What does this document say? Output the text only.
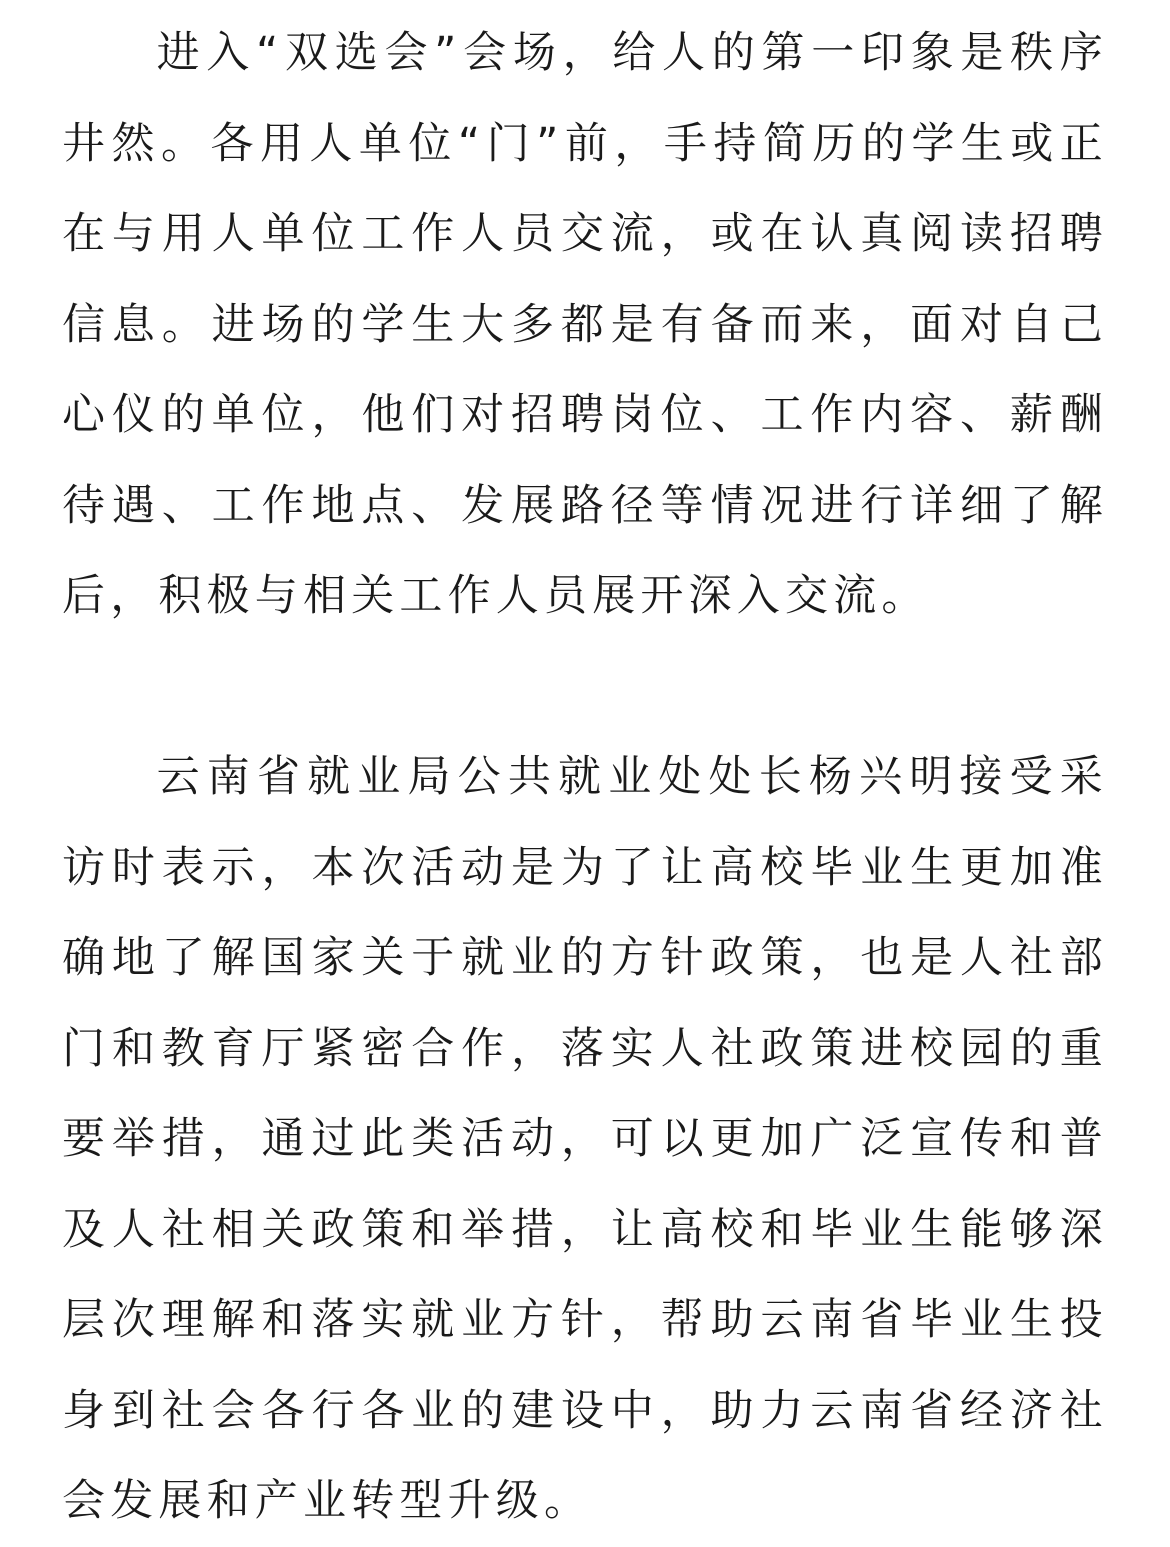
进入“双选会”会场，给人的第一印象是秩序井然。各用人单位“门”前，手持简历的学生或正在与用人单位工作人员交流，或在认真阅读招聘信息。进场的学生大多都是有备而来，面对自己心仪的单位，他们对招聘岗位、工作内容、薪酬待遇、工作地点、发展路径等情况进行详细了解后，积极与相关工作人员展开深入交流。

云南省就业局公共就业处处长杨兴明接受采访时表示，本次活动是为了让高校毕业生更加准确地了解国家关于就业的方针政策，也是人社部门和教育厅紧密合作，落实人社政策进校园的重要举措，通过此类活动，可以更加广泛宣传和普及人社相关政策和举措，让高校和毕业生能够深层次理解和落实就业方针，帮助云南省毕业生投身到社会各行各业的建设中，助力云南省经济社会发展和产业转型升级。
